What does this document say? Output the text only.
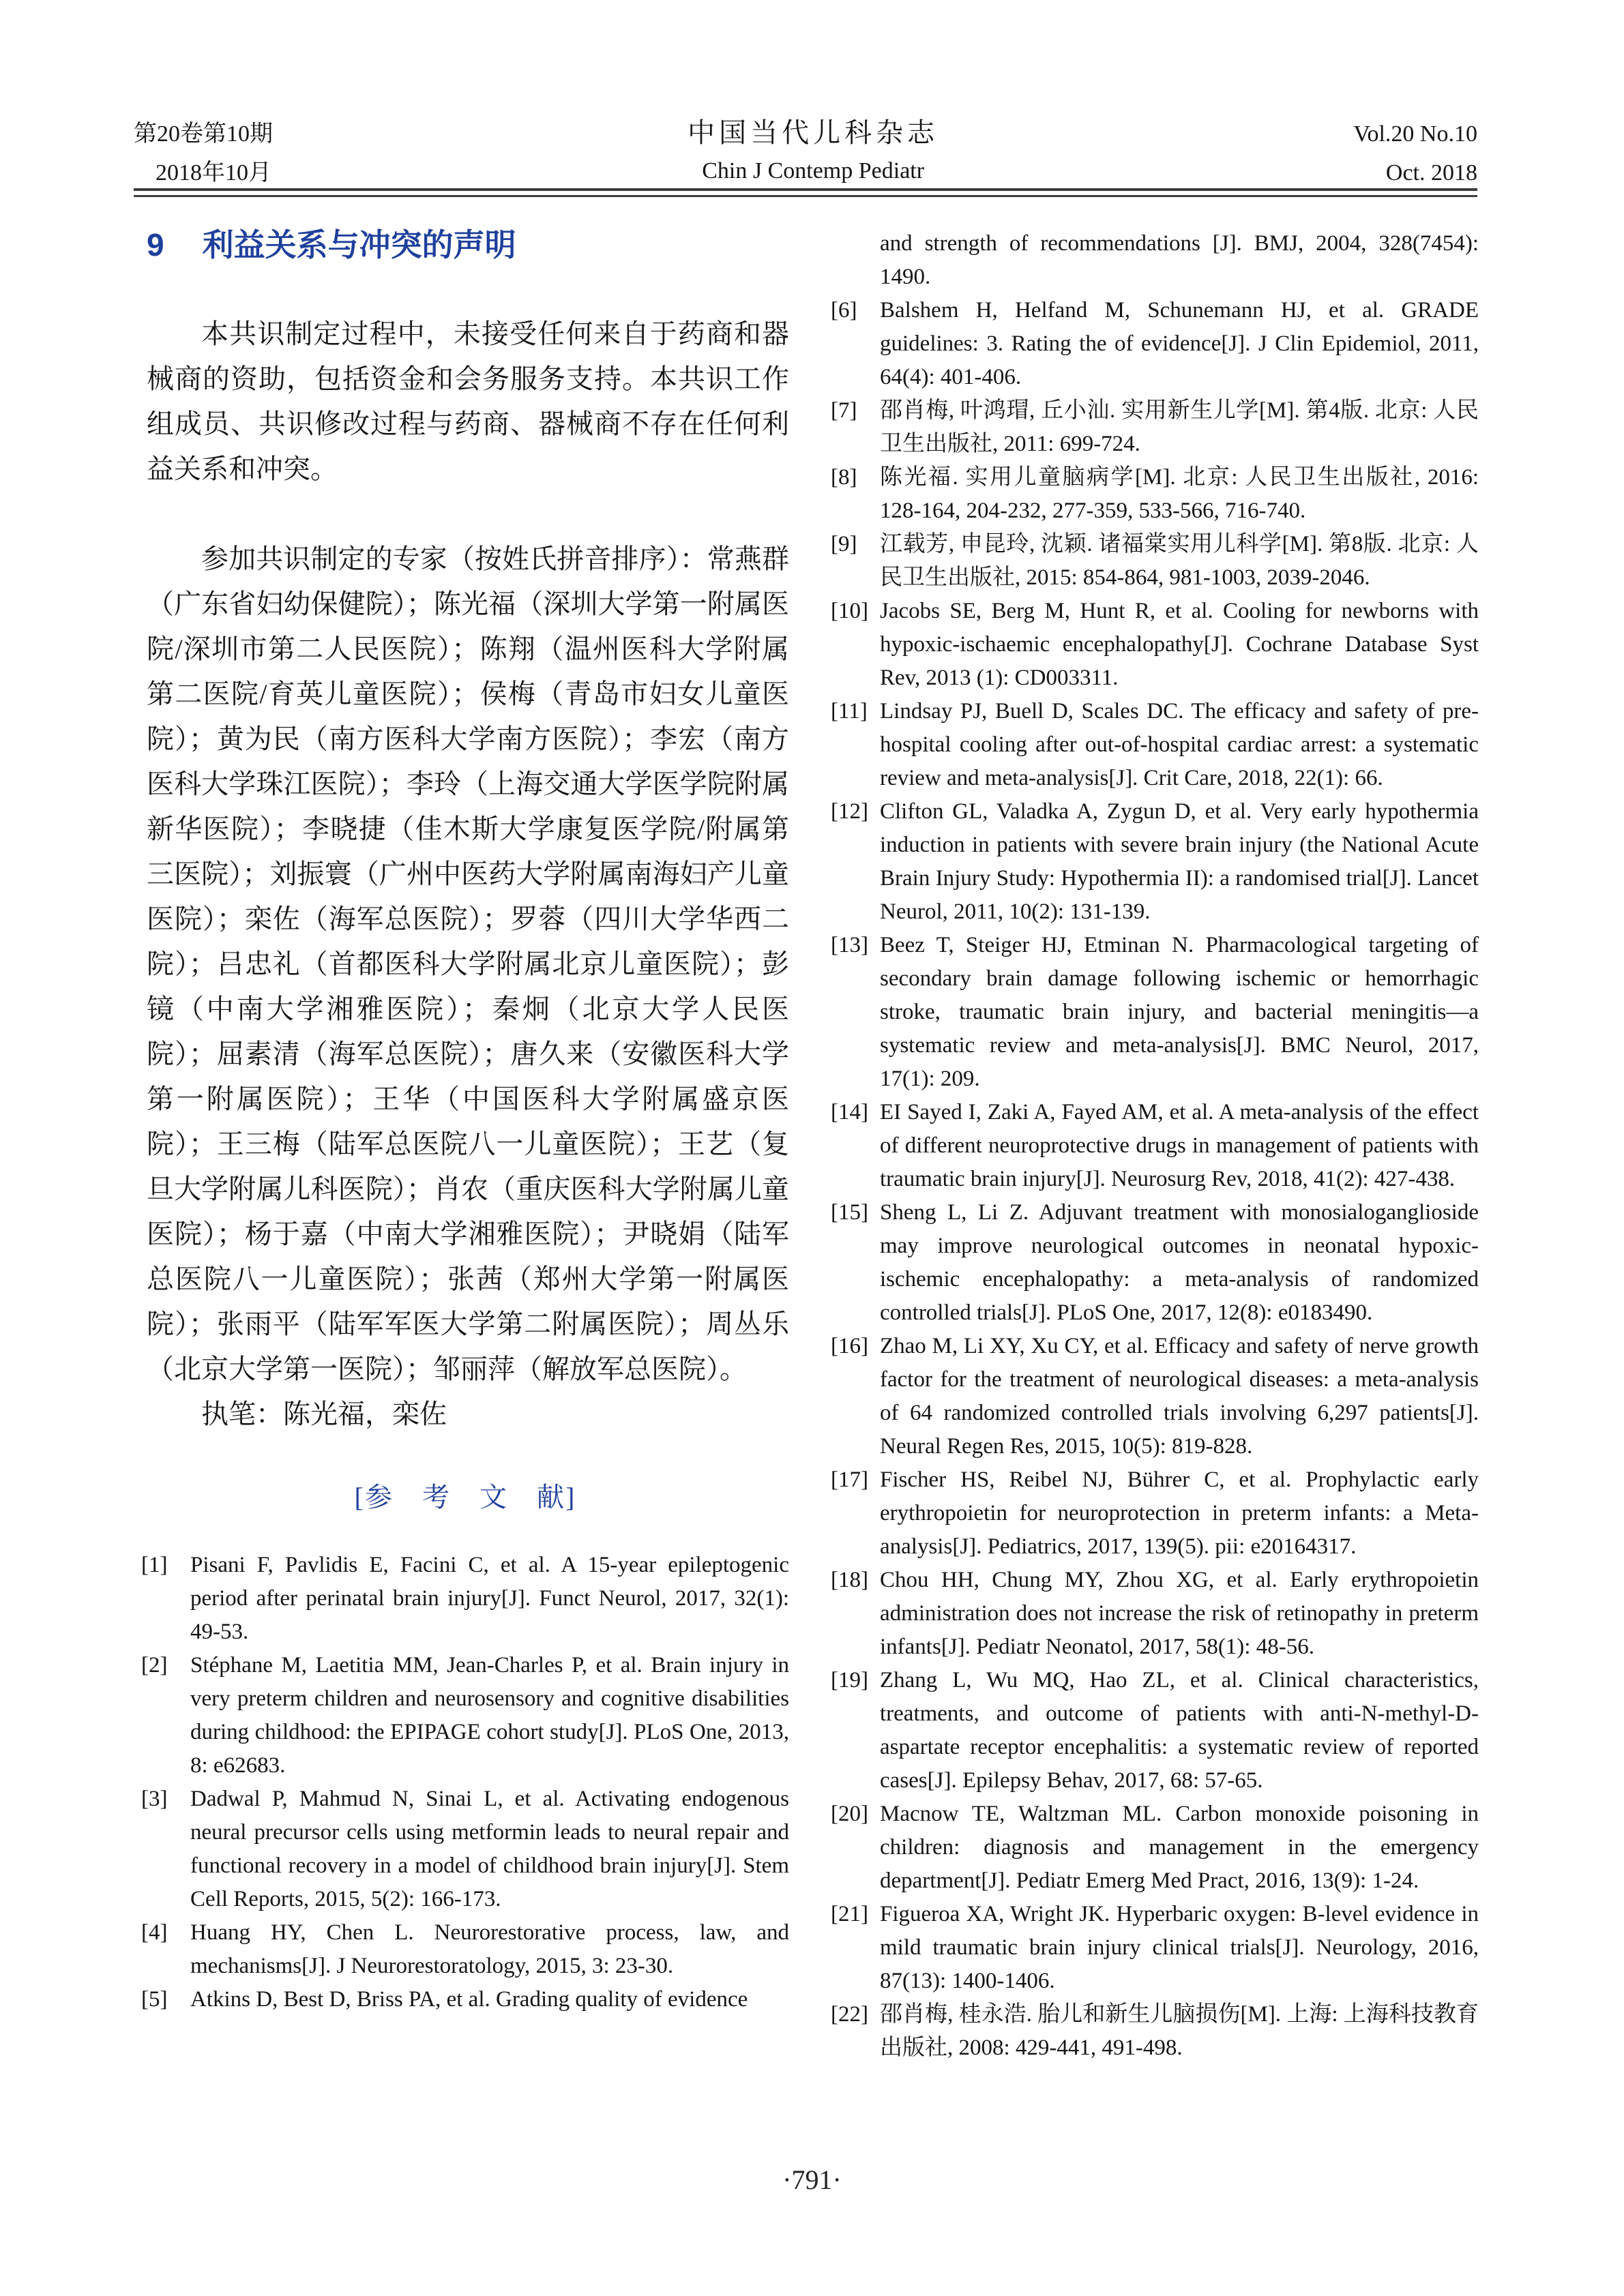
第20卷第10期
2018年10月
中国当代儿科杂志
Chin J Contemp Pediatr
Vol.20 No.10
Oct. 2018
9 利益关系与冲突的声明

本共识制定过程中，未接受任何来自于药商和器械商的资助，包括资金和会务服务支持。本共识工作组成员、共识修改过程与药商、器械商不存在任何利益关系和冲突。

参加共识制定的专家（按姓氏拼音排序）：常燕群（广东省妇幼保健院）；陈光福（深圳大学第一附属医院/深圳市第二人民医院）；陈翔（温州医科大学附属第二医院/育英儿童医院）；侯梅（青岛市妇女儿童医院）；黄为民（南方医科大学南方医院）；李宏（南方医科大学珠江医院）；李玲（上海交通大学医学院附属新华医院）；李晓捷（佳木斯大学康复医学院/附属第三医院）；刘振寰（广州中医药大学附属南海妇产儿童医院）；栾佐（海军总医院）；罗蓉（四川大学华西二院）；吕忠礼（首都医科大学附属北京儿童医院）；彭镜（中南大学湘雅医院）；秦炯（北京大学人民医院）；屈素清（海军总医院）；唐久来（安徽医科大学第一附属医院）；王华（中国医科大学附属盛京医院）；王三梅（陆军总医院八一儿童医院）；王艺（复旦大学附属儿科医院）；肖农（重庆医科大学附属儿童医院）；杨于嘉（中南大学湘雅医院）；尹晓娟（陆军总医院八一儿童医院）；张茜（郑州大学第一附属医院）；张雨平（陆军军医大学第二附属医院）；周丛乐（北京大学第一医院）；邹丽萍（解放军总医院）。

执笔：陈光福，栾佐

[参　考　文　献]
[1]	Pisani F, Pavlidis E, Facini C, et al. A 15-year epileptogenic period after perinatal brain injury[J]. Funct Neurol, 2017, 32(1): 49-53.
[2]	Stéphane M, Laetitia MM, Jean-Charles P, et al. Brain injury in very preterm children and neurosensory and cognitive disabilities during childhood: the EPIPAGE cohort study[J]. PLoS One, 2013, 8: e62683.
[3]	Dadwal P, Mahmud N, Sinai L, et al. Activating endogenous neural precursor cells using metformin leads to neural repair and functional recovery in a model of childhood brain injury[J]. Stem Cell Reports, 2015, 5(2): 166-173.
[4]	Huang HY, Chen L. Neurorestorative process, law, and mechanisms[J]. J Neurorestoratology, 2015, 3: 23-30.
[5]	Atkins D, Best D, Briss PA, et al. Grading quality of evidence
and strength of recommendations [J]. BMJ, 2004, 328(7454): 1490.
[6]	Balshem H, Helfand M, Schunemann HJ, et al. GRADE guidelines: 3. Rating the of evidence[J]. J Clin Epidemiol, 2011, 64(4): 401-406.
[7]	邵肖梅, 叶鸿瑁, 丘小汕. 实用新生儿学[M]. 第4版. 北京: 人民卫生出版社, 2011: 699-724.
[8]	陈光福. 实用儿童脑病学[M]. 北京: 人民卫生出版社, 2016: 128-164, 204-232, 277-359, 533-566, 716-740.
[9]	江载芳, 申昆玲, 沈颖. 诸福棠实用儿科学[M]. 第8版. 北京: 人民卫生出版社, 2015: 854-864, 981-1003, 2039-2046.
[10] Jacobs SE, Berg M, Hunt R, et al. Cooling for newborns with hypoxic-ischaemic encephalopathy[J]. Cochrane Database Syst Rev, 2013 (1): CD003311.
[11] Lindsay PJ, Buell D, Scales DC. The efficacy and safety of pre-hospital cooling after out-of-hospital cardiac arrest: a systematic review and meta-analysis[J]. Crit Care, 2018, 22(1): 66.
[12] Clifton GL, Valadka A, Zygun D, et al. Very early hypothermia induction in patients with severe brain injury (the National Acute Brain Injury Study: Hypothermia II): a randomised trial[J]. Lancet Neurol, 2011, 10(2): 131-139.
[13] Beez T, Steiger HJ, Etminan N. Pharmacological targeting of secondary brain damage following ischemic or hemorrhagic stroke, traumatic brain injury, and bacterial meningitis—a systematic review and meta-analysis[J]. BMC Neurol, 2017, 17(1): 209.
[14] EI Sayed I, Zaki A, Fayed AM, et al. A meta-analysis of the effect of different neuroprotective drugs in management of patients with traumatic brain injury[J]. Neurosurg Rev, 2018, 41(2): 427-438.
[15] Sheng L, Li Z. Adjuvant treatment with monosialoganglioside may improve neurological outcomes in neonatal hypoxic-ischemic encephalopathy: a meta-analysis of randomized controlled trials[J]. PLoS One, 2017, 12(8): e0183490.
[16] Zhao M, Li XY, Xu CY, et al. Efficacy and safety of nerve growth factor for the treatment of neurological diseases: a meta-analysis of 64 randomized controlled trials involving 6,297 patients[J]. Neural Regen Res, 2015, 10(5): 819-828.
[17] Fischer HS, Reibel NJ, Bührer C, et al. Prophylactic early erythropoietin for neuroprotection in preterm infants: a Meta-analysis[J]. Pediatrics, 2017, 139(5). pii: e20164317.
[18] Chou HH, Chung MY, Zhou XG, et al. Early erythropoietin administration does not increase the risk of retinopathy in preterm infants[J]. Pediatr Neonatol, 2017, 58(1): 48-56.
[19] Zhang L, Wu MQ, Hao ZL, et al. Clinical characteristics, treatments, and outcome of patients with anti-N-methyl-D-aspartate receptor encephalitis: a systematic review of reported cases[J]. Epilepsy Behav, 2017, 68: 57-65.
[20] Macnow TE, Waltzman ML. Carbon monoxide poisoning in children: diagnosis and management in the emergency department[J]. Pediatr Emerg Med Pract, 2016, 13(9): 1-24.
[21] Figueroa XA, Wright JK. Hyperbaric oxygen: B-level evidence in mild traumatic brain injury clinical trials[J]. Neurology, 2016, 87(13): 1400-1406.
[22] 邵肖梅, 桂永浩. 胎儿和新生儿脑损伤[M]. 上海: 上海科技教育出版社, 2008: 429-441, 491-498.
·791·
